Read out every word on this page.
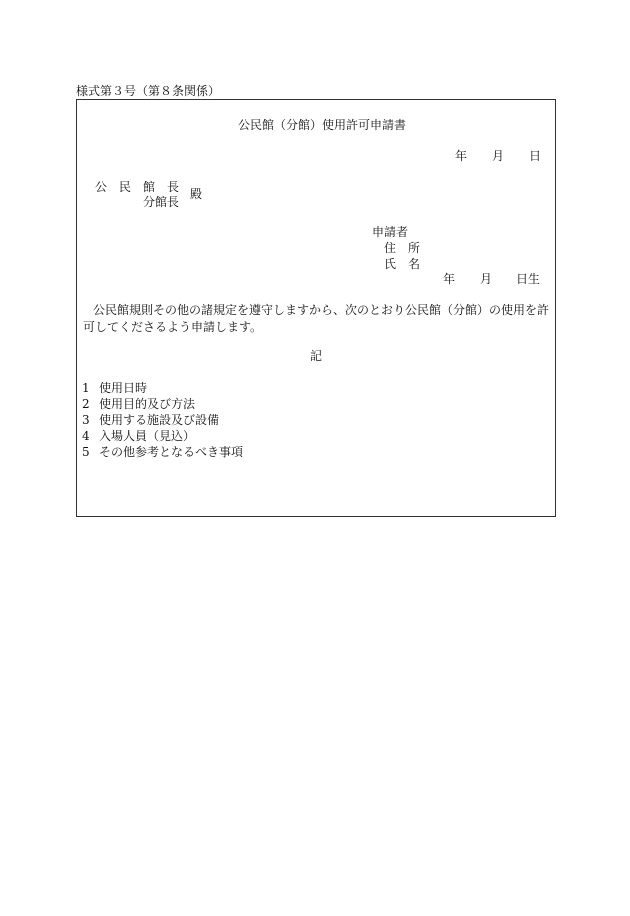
様式第３号（第８条関係）
公民館（分館）使用許可申請書
年 月 日
公　民　館　長
分館長
殿
申請者
住　所
氏　名
年 月 日生
公民館規則その他の諸規定を遵守しますから、次のとおり公民館（分館）の使用を許可してくださるよう申請します。
記
1 使用日時
2 使用目的及び方法
3 使用する施設及び設備
4 入場人員（見込）
5 その他参考となるべき事項
